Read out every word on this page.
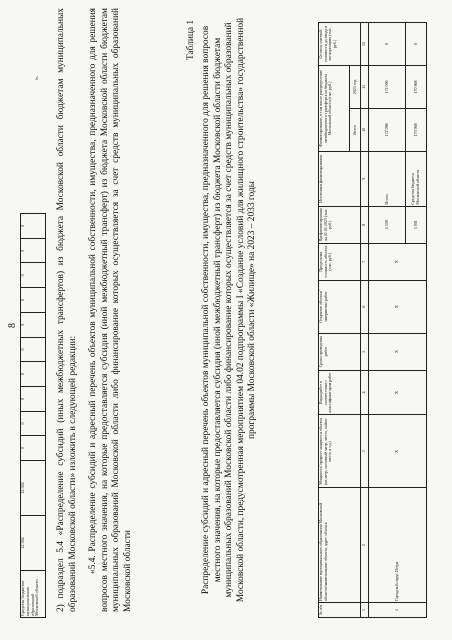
8
Средства бюджетов муниципальных образований Московской области	12 592	12 592	0	0	0	0	0	0	0	0	0	0
». 2) подраздел 5.4 «Распределение субсидий (иных межбюджетных трансфертов) из бюджета Московской области бюджетам муниципальных образований Московской области» изложить в следующей редакции: «5.4. Распределение субсидий и адресный перечень объектов муниципальной собственности, имущества, предназначенного для решения вопросов местного значения, на которые предоставляется субсидия (иной межбюджетный трансферт) из бюджета Московской области бюджетам муниципальных образований Московской области либо финансирование которых осуществляется за счет средств муниципальных образований Московской области
Таблица 1 Распределение субсидий и адресный перечень объектов муниципальной собственности, имущества, предназначенного для решения вопросов местного значения, на которые предоставляется субсидия (иной межбюджетный трансферт) из бюджета Московской области бюджетам муниципальных образований Московской области либо финансирование которых осуществляется за счет средств муниципальных образований Московской области, предусмотренная мероприятием 04.02 подпрограммы I «Создание условий для жилищного строительства» государственной программы Московской области «Жилище» на 2023 – 2033 годы
№ п/п	Наименование муниципального образования Московской области/наименование объекта, адрес объекта	Мощность/ прирост мощности объекта (кв.метр, погонный метр, место, койко-место и т.д.)	Виды работ в соответствии с классификатором работ	Сроки проведения работ	Открытие объекта/ завершение работ	Предельная стоимость объекта (тыс. руб.)	Профинансировано на 01.01.2023 (тыс. руб.)	Источники финансирования	Финансирование, в том числе распределение межбюджетного трансферта из бюджета Московской области (тыс. руб.)		Остаток сметной стоимости до ввода в эксплуатацию (тыс. руб.)
									Всего	2023 год	
1	2	3	4	5	6	7	8	9	10	11	12
1	Городской округ Истра	Х	Х	Х	Х	Х	5 558	Итого:	172 096	172 096	0
							5 001	Средства бюджета Московской области	170 968	170 968	0
